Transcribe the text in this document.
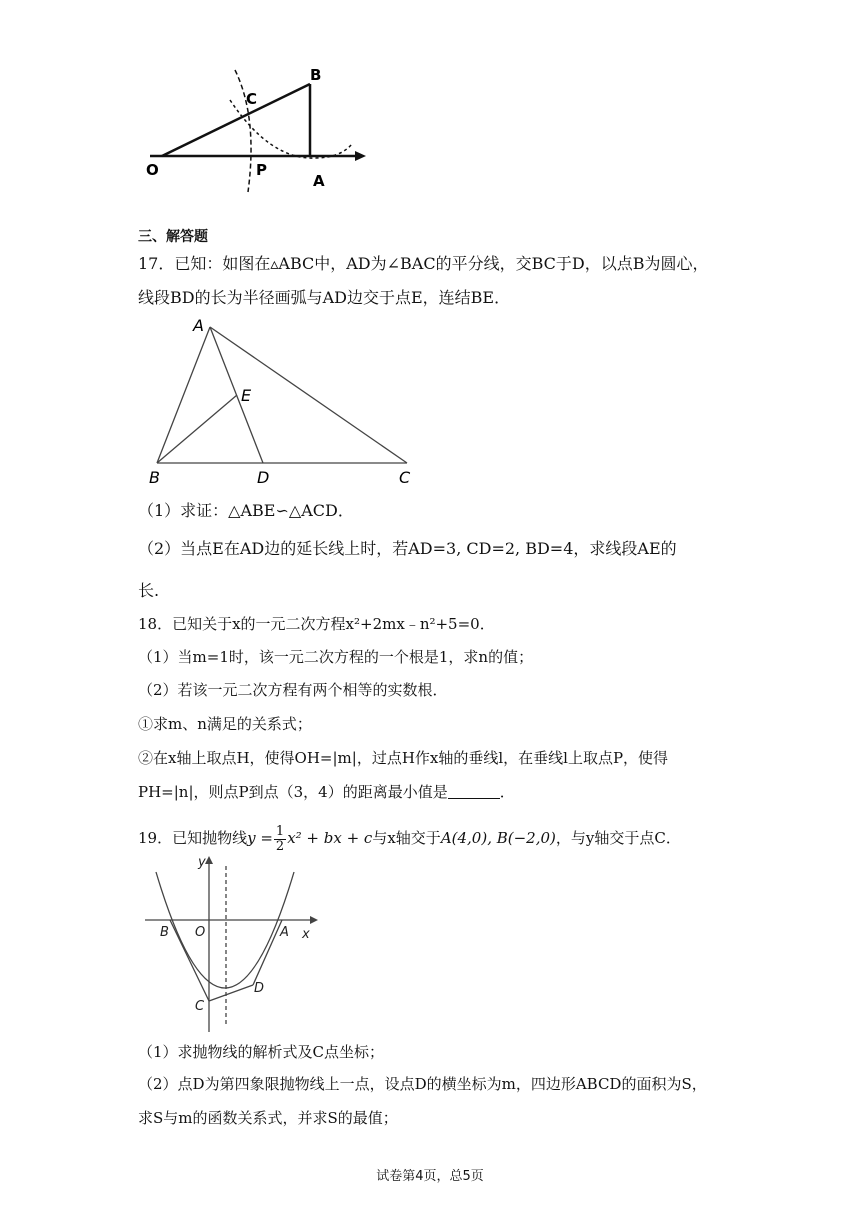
O
C
B
P
A
三、解答题
17．已知：如图在▵ABC中，AD为∠BAC的平分线，交BC于D，以点B为圆心，
线段BD的长为半径画弧与AD边交于点E，连结BE．
A
E
B	D	C
（1）求证：△ABE∽△ACD．
（2）当点E在AD边的延长线上时，若AD=3, CD=2, BD=4，求线段AE的
长.
18．已知关于x的一元二次方程x²+2mx﹣n²+5=0．
（1）当m=1时，该一元二次方程的一个根是1，求n的值；
（2）若该一元二次方程有两个相等的实数根．
①求m、n满足的关系式；
②在x轴上取点H，使得OH=|m|，过点H作x轴的垂线l，在垂线l上取点P，使得
PH=|n|，则点P到点（3，4）的距离最小值是	．
19．已知抛物线$y = \frac{1}{2} x^2$ + bx + c与x轴交于A(4,0), B(−2,0)，与y轴交于点C．
y
x
B O	A
C
D
（1）求抛物线的解析式及C点坐标；
（2）点D为第四象限抛物线上一点，设点D的横坐标为m，四边形ABCD的面积为S，
求S与m的函数关系式，并求S的最值；
试卷第4页，总5页
